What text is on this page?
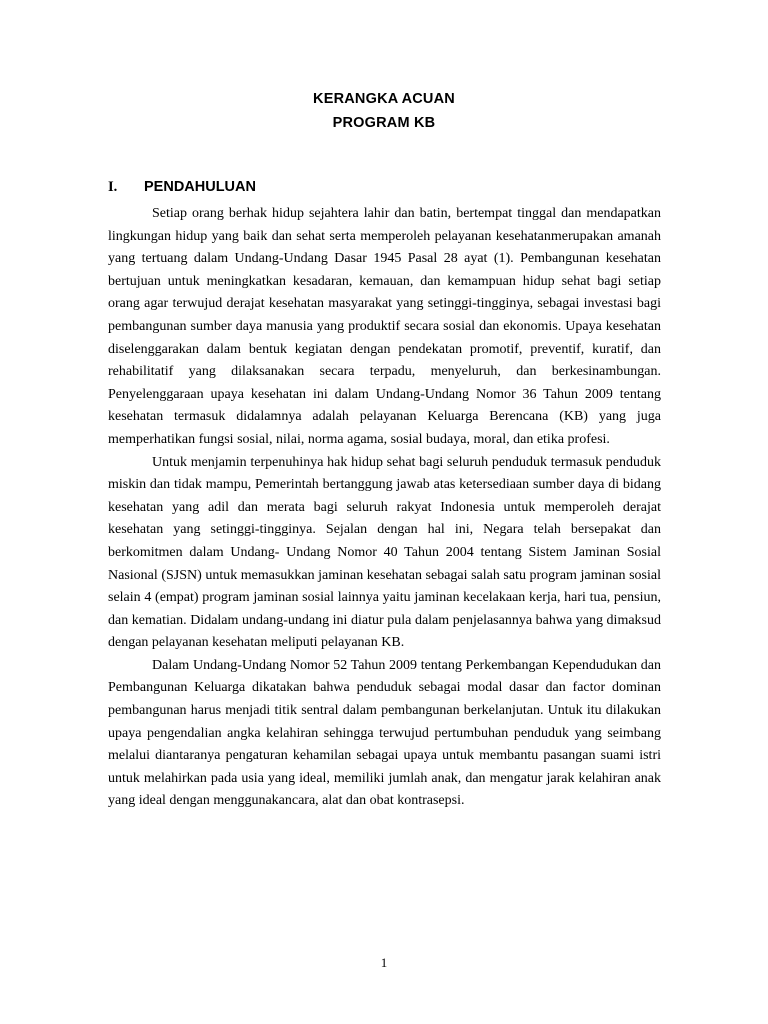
KERANGKA ACUAN
PROGRAM KB
I. PENDAHULUAN

Setiap orang berhak hidup sejahtera lahir dan batin, bertempat tinggal dan mendapatkan lingkungan hidup yang baik dan sehat serta memperoleh pelayanan kesehatanmerupakan amanah yang tertuang dalam Undang-Undang Dasar 1945 Pasal 28 ayat (1). Pembangunan kesehatan bertujuan untuk meningkatkan kesadaran, kemauan, dan kemampuan hidup sehat bagi setiap orang agar terwujud derajat kesehatan masyarakat yang setinggi-tingginya, sebagai investasi bagi pembangunan sumber daya manusia yang produktif secara sosial dan ekonomis. Upaya kesehatan diselenggarakan dalam bentuk kegiatan dengan pendekatan promotif, preventif, kuratif, dan rehabilitatif yang dilaksanakan secara terpadu, menyeluruh, dan berkesinambungan. Penyelenggaraan upaya kesehatan ini dalam Undang-Undang Nomor 36 Tahun 2009 tentang kesehatan termasuk didalamnya adalah pelayanan Keluarga Berencana (KB) yang juga memperhatikan fungsi sosial, nilai, norma agama, sosial budaya, moral, dan etika profesi.

Untuk menjamin terpenuhinya hak hidup sehat bagi seluruh penduduk termasuk penduduk miskin dan tidak mampu, Pemerintah bertanggung jawab atas ketersediaan sumber daya di bidang kesehatan yang adil dan merata bagi seluruh rakyat Indonesia untuk memperoleh derajat kesehatan yang setinggi-tingginya. Sejalan dengan hal ini, Negara telah bersepakat dan berkomitmen dalam Undang- Undang Nomor 40 Tahun 2004 tentang Sistem Jaminan Sosial Nasional (SJSN) untuk memasukkan jaminan kesehatan sebagai salah satu program jaminan sosial selain 4 (empat) program jaminan sosial lainnya yaitu jaminan kecelakaan kerja, hari tua, pensiun, dan kematian. Didalam undang-undang ini diatur pula dalam penjelasannya bahwa yang dimaksud dengan pelayanan kesehatan meliputi pelayanan KB.

Dalam Undang-Undang Nomor 52 Tahun 2009 tentang Perkembangan Kependudukan dan Pembangunan Keluarga dikatakan bahwa penduduk sebagai modal dasar dan factor dominan pembangunan harus menjadi titik sentral dalam pembangunan berkelanjutan. Untuk itu dilakukan upaya pengendalian angka kelahiran sehingga terwujud pertumbuhan penduduk yang seimbang melalui diantaranya pengaturan kehamilan sebagai upaya untuk membantu pasangan suami istri untuk melahirkan pada usia yang ideal, memiliki jumlah anak, dan mengatur jarak kelahiran anak yang ideal dengan menggunakancara, alat dan obat kontrasepsi.

1
